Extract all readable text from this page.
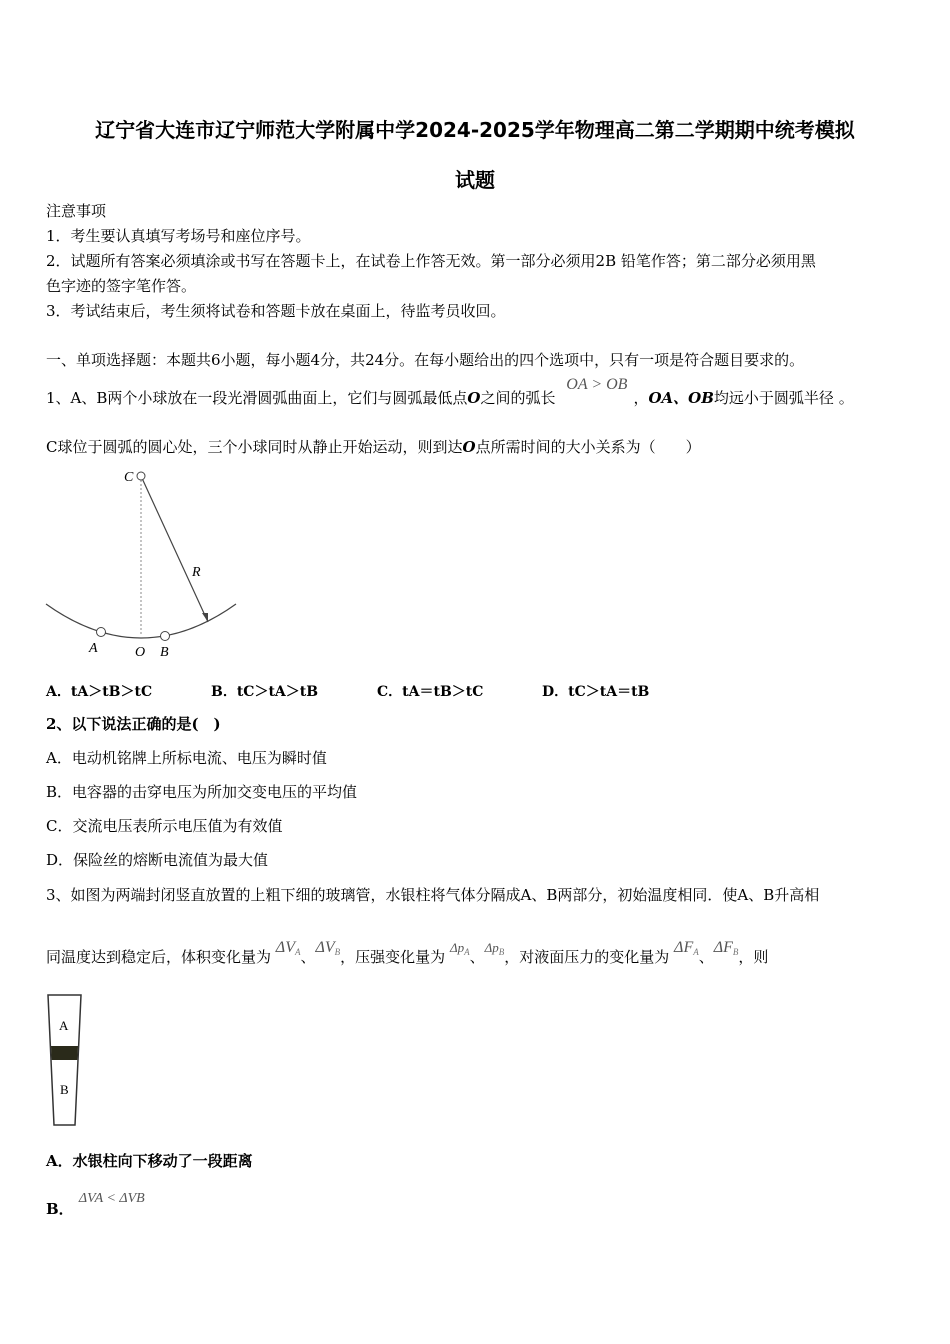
辽宁省大连市辽宁师范大学附属中学2024-2025学年物理高二第二学期期中统考模拟
试题
注意事项
1．考生要认真填写考场号和座位序号。
2．试题所有答案必须填涂或书写在答题卡上，在试卷上作答无效。第一部分必须用2B 铅笔作答；第二部分必须用黑
色字迹的签字笔作答。
3．考试结束后，考生须将试卷和答题卡放在桌面上，待监考员收回。
一、单项选择题：本题共6小题，每小题4分，共24分。在每小题给出的四个选项中，只有一项是符合题目要求的。
1、A、B两个小球放在一段光滑圆弧曲面上，它们与圆弧最低点O之间的弧长 OA > OB，OA、OB均远小于圆弧半径 。
C球位于圆弧的圆心处，三个小球同时从静止开始运动，则到达O点所需时间的大小关系为（　　）
C
R
A	O B
A．tA＞tB＞tC	B．tC＞tA＞tB	C．tA＝tB＞tC	D．tC＞tA＝tB
2、以下说法正确的是(　)
A．电动机铭牌上所标电流、电压为瞬时值
B．电容器的击穿电压为所加交变电压的平均值
C．交流电压表所示电压值为有效值
D．保险丝的熔断电流值为最大值
3、如图为两端封闭竖直放置的上粗下细的玻璃管，水银柱将气体分隔成A、B两部分，初始温度相同．使A、B升高相
同温度达到稳定后，体积变化量为 $\Delta V_A$、$\Delta V_B$，压强变化量为 $\Delta p_A$、$\Delta p_B$，对液面压力的变化量为 $\Delta F_A$、$\Delta F_B$，则
A
B
A．水银柱向下移动了一段距离
B． ΔVA < ΔVB
